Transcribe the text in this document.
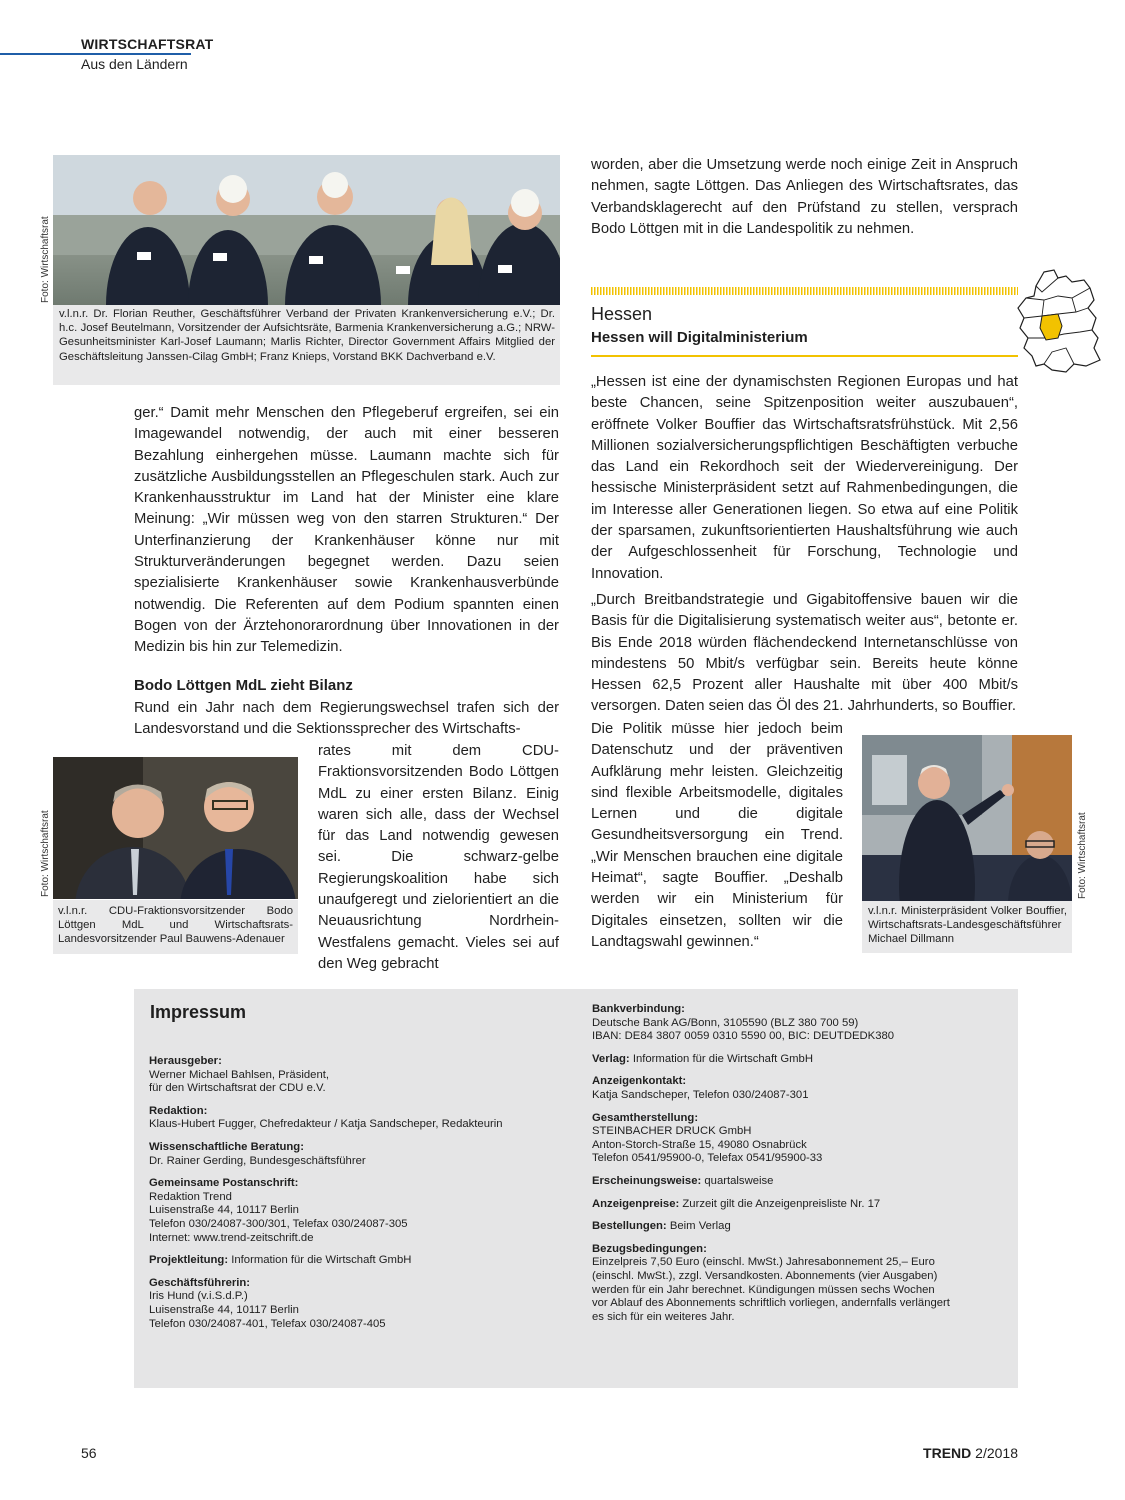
WIRTSCHAFTSRAT
Aus den Ländern
Foto: Wirtschaftsrat
v.l.n.r. Dr. Florian Reuther, Geschäftsführer Verband der Privaten Krankenversicherung e.V.; Dr. h.c. Josef Beutelmann, Vorsitzender der Aufsichtsräte, Barmenia Krankenversicherung a.G.; NRW-Gesunheitsminister Karl-Josef Laumann; Marlis Richter, Director Government Affairs Mitglied der Geschäftsleitung Janssen-Cilag GmbH; Franz Knieps, Vorstand BKK Dachverband e.V.

ger.“ Damit mehr Menschen den Pflegeberuf ergreifen, sei ein Imagewandel notwendig, der auch mit einer besseren Bezahlung einhergehen müsse. Laumann machte sich für zusätzliche Ausbildungsstellen an Pflegeschulen stark. Auch zur Krankenhausstruktur im Land hat der Minister eine klare Meinung: „Wir müssen weg von den starren Strukturen.“ Der Unterfinanzierung der Krankenhäuser könne nur mit Strukturveränderungen begegnet werden. Dazu seien spezialisierte Krankenhäuser sowie Krankenhausverbünde notwendig. Die Referenten auf dem Podium spannten einen Bogen von der Ärztehonorarordnung über Innovationen in der Medizin bis hin zur Telemedizin.

Bodo Löttgen MdL zieht Bilanz

Rund ein Jahr nach dem Regierungswechsel trafen sich der Landesvorstand und die Sektionssprecher des Wirtschafts-

rates mit dem CDU-Fraktionsvorsitzenden Bodo Löttgen MdL zu einer ersten Bilanz. Einig waren sich alle, dass der Wechsel für das Land notwendig gewesen sei. Die schwarz-gelbe Regierungskoalition habe sich unaufgeregt und zielorientiert an die Neuausrichtung Nordrhein-Westfalens gemacht. Vieles sei auf den Weg gebracht

Foto: Wirtschaftsrat
v.l.n.r. CDU-Fraktionsvorsitzender Bodo Löttgen MdL und Wirtschaftsrats-Landesvorsitzender Paul Bauwens-Adenauer

worden, aber die Umsetzung werde noch einige Zeit in Anspruch nehmen, sagte Löttgen. Das Anliegen des Wirtschaftsrates, das Verbandsklagerecht auf den Prüfstand zu stellen, versprach Bodo Löttgen mit in die Landespolitik zu nehmen.

Hessen
Hessen will Digitalministerium

„Hessen ist eine der dynamischsten Regionen Europas und hat beste Chancen, seine Spitzenposition weiter auszubauen“, eröffnete Volker Bouffier das Wirtschaftsratsfrühstück. Mit 2,56 Millionen sozialversicherungspflichtigen Beschäftigten verbuche das Land ein Rekordhoch seit der Wiedervereinigung. Der hessische Ministerpräsident setzt auf Rahmenbedingungen, die im Interesse aller Generationen liegen. So etwa auf eine Politik der sparsamen, zukunftsorientierten Haushaltsführung wie auch der Aufgeschlossenheit für Forschung, Technologie und Innovation.

„Durch Breitbandstrategie und Gigabitoffensive bauen wir die Basis für die Digitalisierung systematisch weiter aus“, betonte er. Bis Ende 2018 würden flächendeckend Internetanschlüsse von mindestens 50 Mbit/s verfügbar sein. Bereits heute könne Hessen 62,5 Prozent aller Haushalte mit über 400 Mbit/s versorgen. Daten seien das Öl des 21. Jahrhunderts, so Bouffier.

Die Politik müsse hier jedoch beim Datenschutz und der präventiven Aufklärung mehr leisten. Gleichzeitig sind flexible Arbeitsmodelle, digitales Lernen und die digitale Gesundheitsversorgung ein Trend. „Wir Menschen brauchen eine digitale Heimat“, sagte Bouffier. „Deshalb werden wir ein Ministerium für Digitales einsetzen, sollten wir die Landtagswahl gewinnen.“

Foto: Wirtschaftsrat
v.l.n.r. Ministerpräsident Volker Bouffier, Wirtschaftsrats-Landesgeschäftsführer Michael Dillmann
Impressum
Herausgeber:
Werner Michael Bahlsen, Präsident,
für den Wirtschaftsrat der CDU e.V.
Redaktion:
Klaus-Hubert Fugger, Chefredakteur / Katja Sandscheper, Redakteurin
Wissenschaftliche Beratung:
Dr. Rainer Gerding, Bundesgeschäftsführer
Gemeinsame Postanschrift:
Redaktion Trend
Luisenstraße 44, 10117 Berlin
Telefon 030/24087-300/301, Telefax 030/24087-305
Internet: www.trend-zeitschrift.de
Projektleitung: Information für die Wirtschaft GmbH
Geschäftsführerin:
Iris Hund (v.i.S.d.P.)
Luisenstraße 44, 10117 Berlin
Telefon 030/24087-401, Telefax 030/24087-405
Bankverbindung:
Deutsche Bank AG/Bonn, 3105590 (BLZ 380 700 59)
IBAN: DE84 3807 0059 0310 5590 00, BIC: DEUTDEDK380
Verlag: Information für die Wirtschaft GmbH
Anzeigenkontakt:
Katja Sandscheper, Telefon 030/24087-301
Gesamtherstellung:
STEINBACHER DRUCK GmbH
Anton-Storch-Straße 15, 49080 Osnabrück
Telefon 0541/95900-0, Telefax 0541/95900-33
Erscheinungsweise: quartalsweise
Anzeigenpreise: Zurzeit gilt die Anzeigenpreisliste Nr. 17
Bestellungen: Beim Verlag
Bezugsbedingungen:
Einzelpreis 7,50 Euro (einschl. MwSt.) Jahresabonnement 25,– Euro
(einschl. MwSt.), zzgl. Versandkosten. Abonnements (vier Ausgaben)
werden für ein Jahr berechnet. Kündigungen müssen sechs Wochen
vor Ablauf des Abonnements schriftlich vorliegen, andernfalls verlängert
es sich für ein weiteres Jahr.
56	TREND 2/2018
